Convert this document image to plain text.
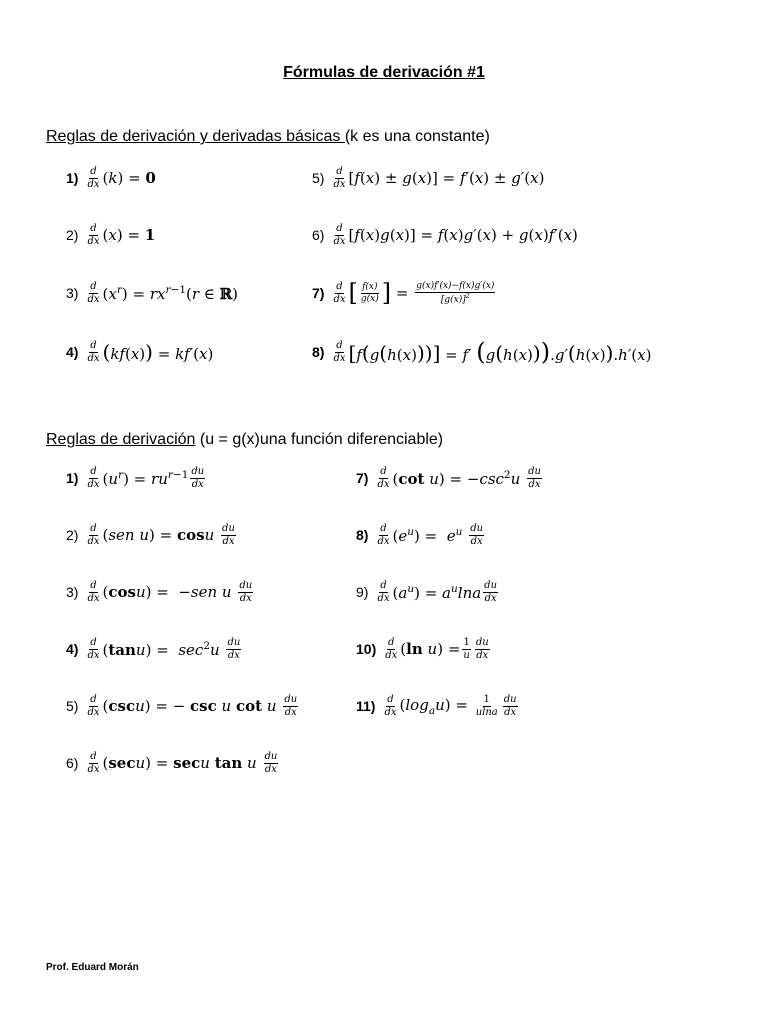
Fórmulas de derivación #1
Reglas de derivación y derivadas básicas (k es una constante)
$1) \frac{d}{dx} (k) = 0$
$2) \frac{d}{dx} (x) = 1$
$3) \frac{d}{dx} (x^r) = rx^{r-1}(r$ ∈ ℝ)
$4) \frac{d}{dx} (kf(x)) = kf'(x)$
$5) \frac{d}{dx} [f(x) \pm g(x)] = f'(x) \pm g'(x)$
$6) \frac{d}{dx} [f(x)g(x)] = f(x)g'(x) + g(x)f'(x)$
$7) \frac{d}{dx}$ [ $\frac{f(x)}{g(x)}$ ] = $\frac{g(x)f'(x)-f(x)g'(x)}{[g(x)]^2}$
$8) \frac{d}{dx} [f(g(h(x)))] = f'$ (g(h(x))).g′(h(x)).h′(x)
Reglas de derivación (u = g(x)una función diferenciable)
$1) \frac{d}{dx} (u^r) = ru^{r-1} \frac{du}{dx}$
$2) \frac{d}{dx} (sen$ u) = cosu $\frac{du}{dx}$
$3) \frac{d}{dx} (\cos u) = -sen$ u $\frac{du}{dx}$
$4) \frac{d}{dx} (\tan u) = \sec^2u \frac{du}{dx}$
$5) \frac{d}{dx} (\csc u)$ = − csc u cot u $\frac{du}{dx}$
$6) \frac{d}{dx} (\sec u) = \sec u$ tan u $\frac{du}{dx}$
$7) \frac{d}{dx} (\cot$ $u) = -\csc^2u \frac{du}{dx}$
$8) \frac{d}{dx} (e^u) = e^u \frac{du}{dx}$
$9) \frac{d}{dx} (a^u) = a^u\ln a \frac{du}{dx}$
$10) \frac{d}{dx} (\ln$ $u) = \frac{1}{u} \frac{du}{dx}$
$11) \frac{d}{dx} (\log_au) = \frac{1}{ulna} \frac{du}{dx}$
Prof. Eduard Morán
